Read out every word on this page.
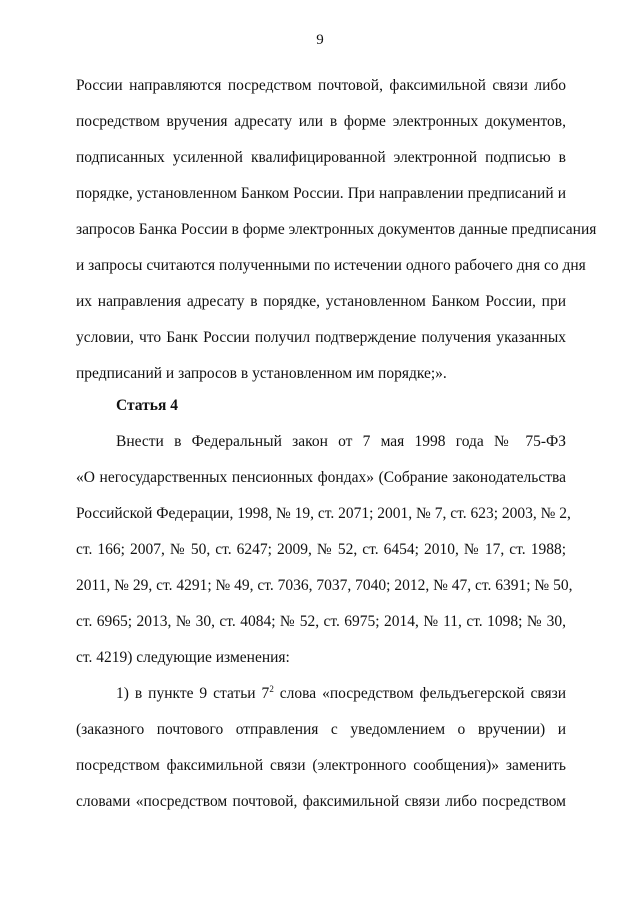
9
России направляются посредством почтовой, факсимильной связи либо
посредством вручения адресату или в форме электронных документов,
подписанных усиленной квалифицированной электронной подписью в
порядке, установленном Банком России. При направлении предписаний и
запросов Банка России в форме электронных документов данные предписания
и запросы считаются полученными по истечении одного рабочего дня со дня
их направления адресату в порядке, установленном Банком России, при
условии, что Банк России получил подтверждение получения указанных
предписаний и запросов в установленном им порядке;».
Статья 4
Внести в Федеральный закон от 7 мая 1998 года № 75-ФЗ
«О негосударственных пенсионных фондах» (Собрание законодательства
Российской Федерации, 1998, № 19, ст. 2071; 2001, № 7, ст. 623; 2003, № 2,
ст. 166; 2007, № 50, ст. 6247; 2009, № 52, ст. 6454; 2010, № 17, ст. 1988;
2011, № 29, ст. 4291; № 49, ст. 7036, 7037, 7040; 2012, № 47, ст. 6391; № 50,
ст. 6965; 2013, № 30, ст. 4084; № 52, ст. 6975; 2014, № 11, ст. 1098; № 30,
ст. 4219) следующие изменения:
1) в пункте 9 статьи $7^2$ слова «посредством фельдъегерской связи
(заказного почтового отправления с уведомлением о вручении) и
посредством факсимильной связи (электронного сообщения)» заменить
словами «посредством почтовой, факсимильной связи либо посредством
